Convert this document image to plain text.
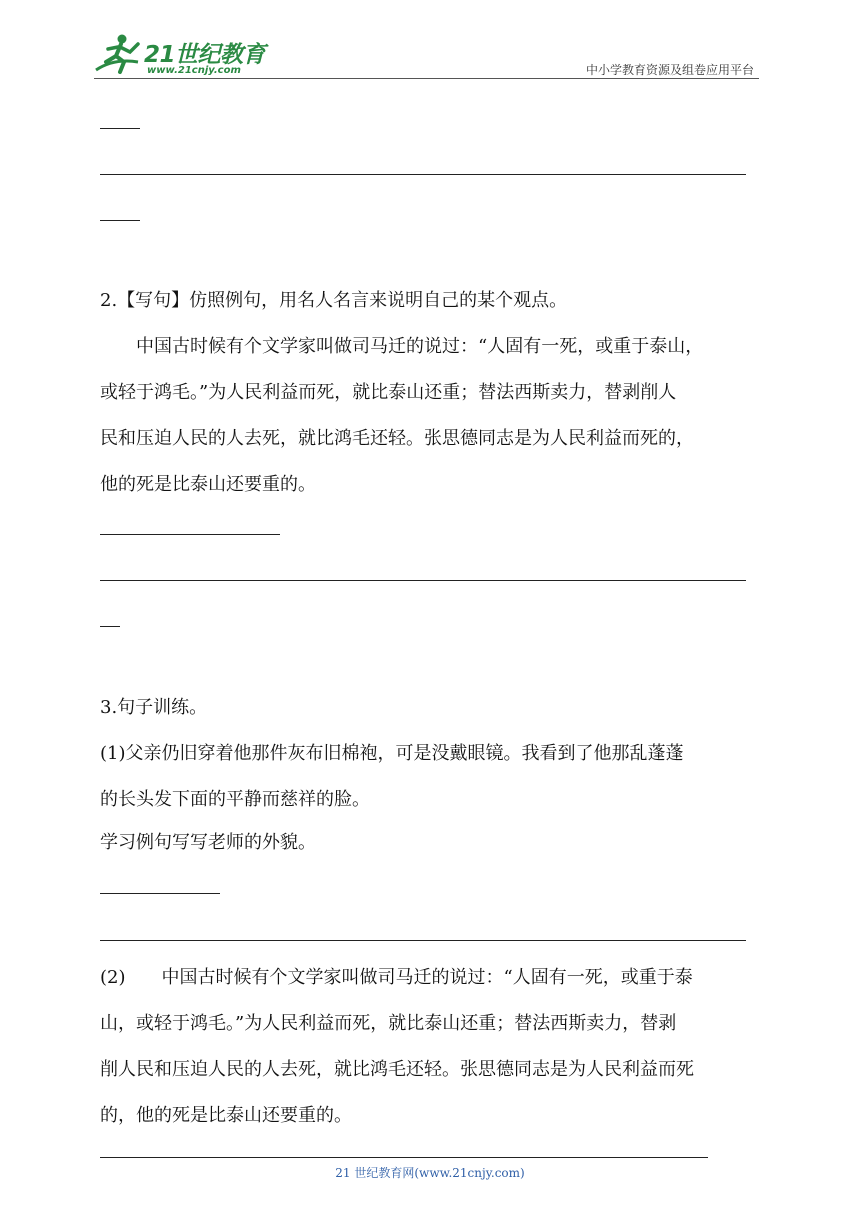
21世纪教育
www.21cnjy.com	中小学教育资源及组卷应用平台

2.【写句】仿照例句，用名人名言来说明自己的某个观点。

　　中国古时候有个文学家叫做司马迁的说过：“人固有一死，或重于泰山，
或轻于鸿毛。”为人民利益而死，就比泰山还重；替法西斯卖力，替剥削人
民和压迫人民的人去死，就比鸿毛还轻。张思德同志是为人民利益而死的，
他的死是比泰山还要重的。

3.句子训练。

(1)父亲仍旧穿着他那件灰布旧棉袍，可是没戴眼镜。我看到了他那乱蓬蓬
的长头发下面的平静而慈祥的脸。

学习例句写写老师的外貌。

(2)　　中国古时候有个文学家叫做司马迁的说过：“人固有一死，或重于泰
山，或轻于鸿毛。”为人民利益而死，就比泰山还重；替法西斯卖力，替剥
削人民和压迫人民的人去死，就比鸿毛还轻。张思德同志是为人民利益而死
的，他的死是比泰山还要重的。
21 世纪教育网(www.21cnjy.com)
